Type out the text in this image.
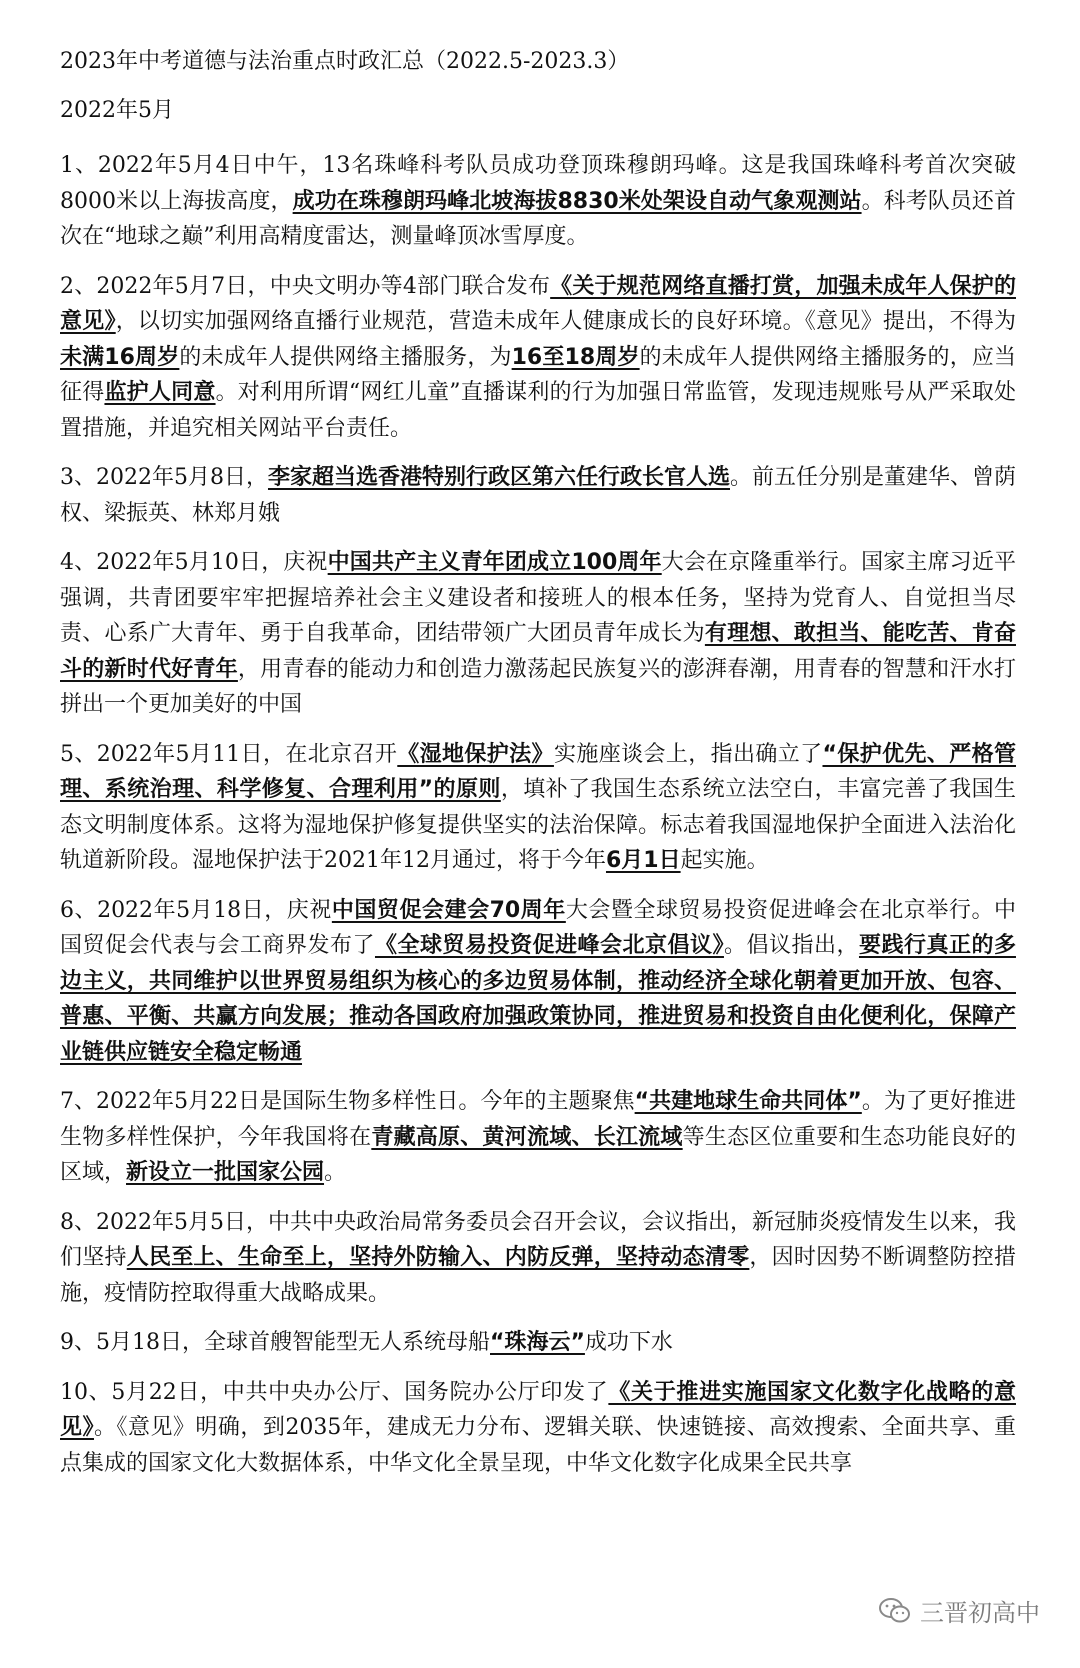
2023年中考道德与法治重点时政汇总（2022.5-2023.3）

2022年5月

1、2022年5月4日中午，13名珠峰科考队员成功登顶珠穆朗玛峰。这是我国珠峰科考首次突破8000米以上海拔高度，成功在珠穆朗玛峰北坡海拔8830米处架设自动气象观测站。科考队员还首次在“地球之巅”利用高精度雷达，测量峰顶冰雪厚度。

2、2022年5月7日，中央文明办等4部门联合发布《关于规范网络直播打赏，加强未成年人保护的意见》，以切实加强网络直播行业规范，营造未成年人健康成长的良好环境。《意见》提出，不得为未满16周岁的未成年人提供网络主播服务，为16至18周岁的未成年人提供网络主播服务的，应当征得监护人同意。对利用所谓“网红儿童”直播谋利的行为加强日常监管，发现违规账号从严采取处置措施，并追究相关网站平台责任。

3、2022年5月8日，李家超当选香港特别行政区第六任行政长官人选。前五任分别是董建华、曾荫权、梁振英、林郑月娥

4、2022年5月10日，庆祝中国共产主义青年团成立100周年大会在京隆重举行。国家主席习近平强调，共青团要牢牢把握培养社会主义建设者和接班人的根本任务，坚持为党育人、自觉担当尽责、心系广大青年、勇于自我革命，团结带领广大团员青年成长为有理想、敢担当、能吃苦、肯奋斗的新时代好青年，用青春的能动力和创造力激荡起民族复兴的澎湃春潮，用青春的智慧和汗水打拼出一个更加美好的中国

5、2022年5月11日，在北京召开《湿地保护法》实施座谈会上，指出确立了“保护优先、严格管理、系统治理、科学修复、合理利用”的原则，填补了我国生态系统立法空白，丰富完善了我国生态文明制度体系。这将为湿地保护修复提供坚实的法治保障。标志着我国湿地保护全面进入法治化轨道新阶段。湿地保护法于2021年12月通过，将于今年6月1日起实施。

6、2022年5月18日，庆祝中国贸促会建会70周年大会暨全球贸易投资促进峰会在北京举行。中国贸促会代表与会工商界发布了《全球贸易投资促进峰会北京倡议》。倡议指出，要践行真正的多边主义，共同维护以世界贸易组织为核心的多边贸易体制，推动经济全球化朝着更加开放、包容、普惠、平衡、共赢方向发展；推动各国政府加强政策协同，推进贸易和投资自由化便利化，保障产业链供应链安全稳定畅通

7、2022年5月22日是国际生物多样性日。今年的主题聚焦“共建地球生命共同体”。为了更好推进生物多样性保护，今年我国将在青藏高原、黄河流域、长江流域等生态区位重要和生态功能良好的区域，新设立一批国家公园。

8、2022年5月5日，中共中央政治局常务委员会召开会议，会议指出，新冠肺炎疫情发生以来，我们坚持人民至上、生命至上，坚持外防输入、内防反弹，坚持动态清零，因时因势不断调整防控措施，疫情防控取得重大战略成果。

9、5月18日，全球首艘智能型无人系统母船“珠海云”成功下水

10、5月22日，中共中央办公厅、国务院办公厅印发了《关于推进实施国家文化数字化战略的意见》。《意见》明确，到2035年，建成无力分布、逻辑关联、快速链接、高效搜索、全面共享、重点集成的国家文化大数据体系，中华文化全景呈现，中华文化数字化成果全民共享

三晋初高中
